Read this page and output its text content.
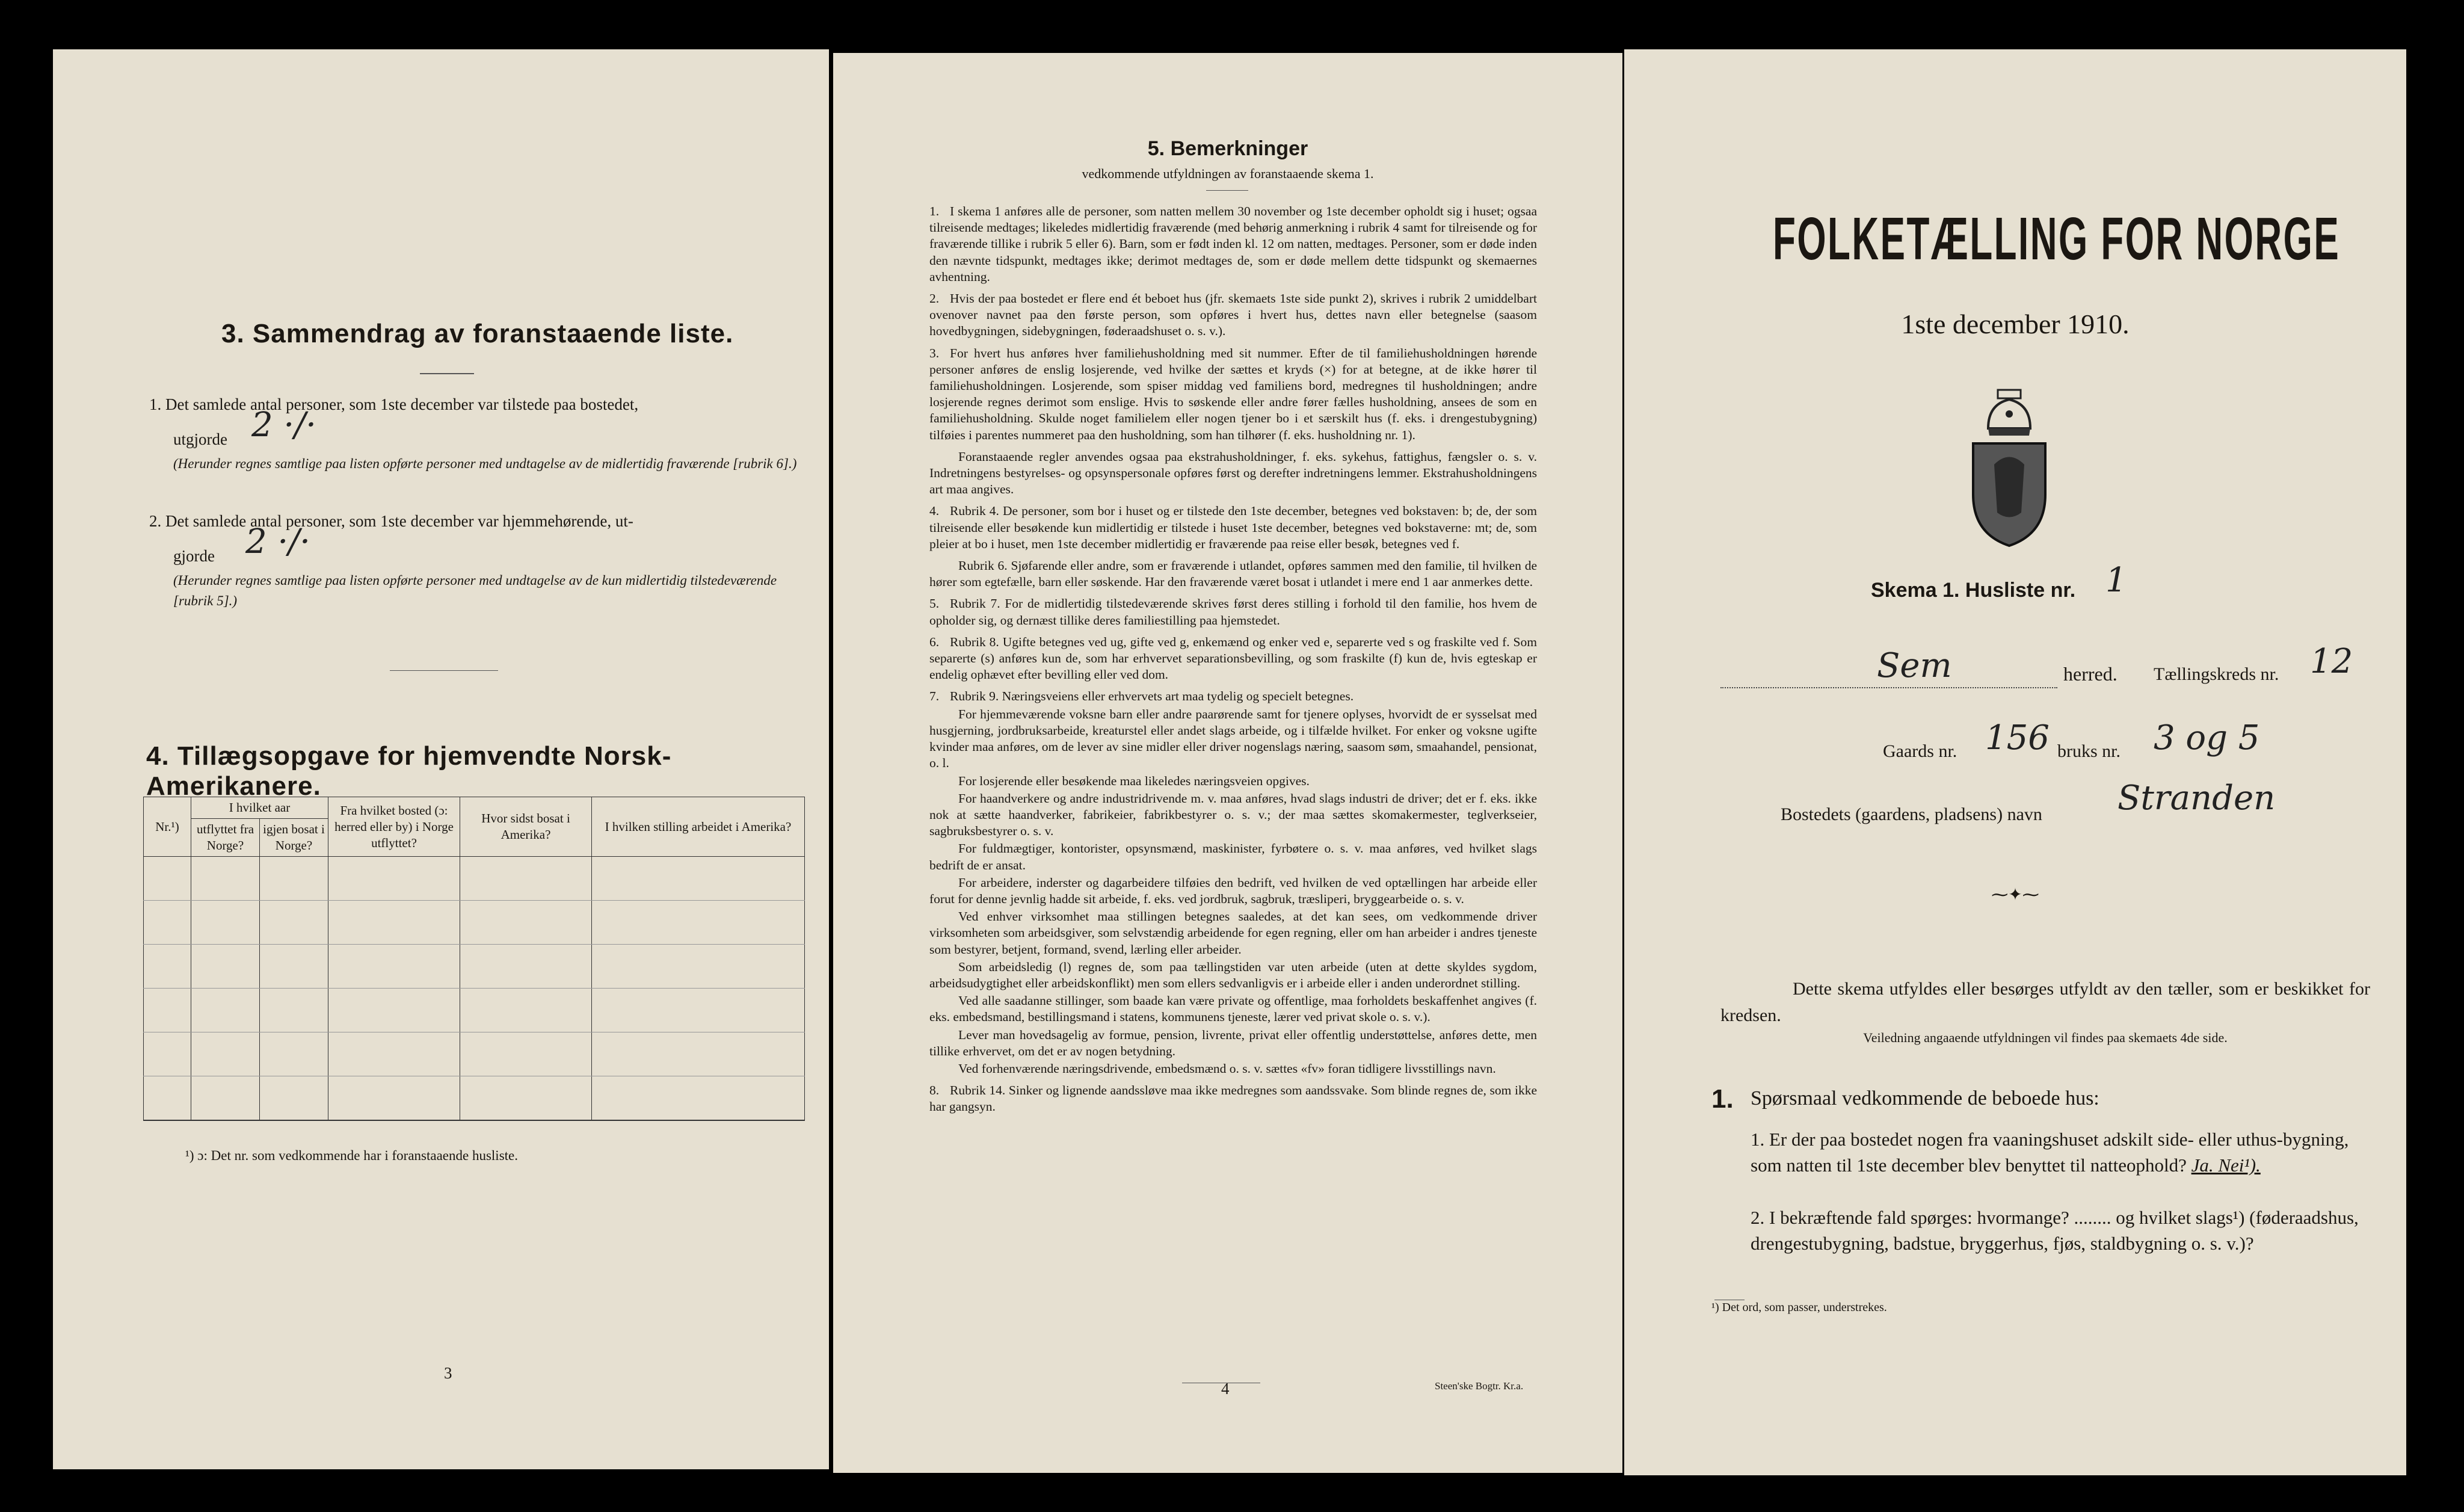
3. Sammendrag av foranstaaende liste.
1. Det samlede antal personer, som 1ste december var tilstede paa bostedet,
utgjorde 2 ·/·
(Herunder regnes samtlige paa listen opførte personer med undtagelse av de midlertidig fraværende [rubrik 6].)
2. Det samlede antal personer, som 1ste december var hjemmehørende, ut-
gjorde 2 ·/·
(Herunder regnes samtlige paa listen opførte personer med undtagelse av de kun midlertidig tilstedeværende [rubrik 5].)
4. Tillægsopgave for hjemvendte Norsk-Amerikanere.
Nr.¹)	I hvilket aar		Fra hvilket bosted (ɔ: herred eller by) i Norge utflyttet?	Hvor sidst bosat i Amerika?	I hvilken stilling arbeidet i Amerika?
	utflyttet fra Norge?	igjen bosat i Norge?			

¹) ɔ: Det nr. som vedkommende har i foranstaaende husliste.
3
5. Bemerkninger
vedkommende utfyldningen av foranstaaende skema 1.

1. I skema 1 anføres alle de personer, som natten mellem 30 november og 1ste december opholdt sig i huset; ogsaa tilreisende medtages; likeledes midlertidig fraværende (med behørig anmerkning i rubrik 4 samt for tilreisende og for fraværende tillike i rubrik 5 eller 6). Barn, som er født inden kl. 12 om natten, medtages. Personer, som er døde inden den nævnte tidspunkt, medtages ikke; derimot medtages de, som er døde mellem dette tidspunkt og skemaernes avhentning.

2. Hvis der paa bostedet er flere end ét beboet hus (jfr. skemaets 1ste side punkt 2), skrives i rubrik 2 umiddelbart ovenover navnet paa den første person, som opføres i hvert hus, dettes navn eller betegnelse (saasom hovedbygningen, sidebygningen, føderaadshuset o. s. v.).

3. For hvert hus anføres hver familiehusholdning med sit nummer. Efter de til familiehusholdningen hørende personer anføres de enslig losjerende, ved hvilke der sættes et kryds (×) for at betegne, at de ikke hører til familiehusholdningen. Losjerende, som spiser middag ved familiens bord, medregnes til husholdningen; andre losjerende regnes derimot som enslige. Hvis to søskende eller andre fører fælles husholdning, ansees de som en familiehusholdning. Skulde noget familielem eller nogen tjener bo i et særskilt hus (f. eks. i drengestubygning) tilføies i parentes nummeret paa den husholdning, som han tilhører (f. eks. husholdning nr. 1).

Foranstaaende regler anvendes ogsaa paa ekstrahusholdninger, f. eks. sykehus, fattighus, fængsler o. s. v. Indretningens bestyrelses- og opsynspersonale opføres først og derefter indretningens lemmer. Ekstrahusholdningens art maa angives.

4. Rubrik 4. De personer, som bor i huset og er tilstede den 1ste december, betegnes ved bokstaven: b; de, der som tilreisende eller besøkende kun midlertidig er tilstede i huset 1ste december, betegnes ved bokstaverne: mt; de, som pleier at bo i huset, men 1ste december midlertidig er fraværende paa reise eller besøk, betegnes ved f.

Rubrik 6. Sjøfarende eller andre, som er fraværende i utlandet, opføres sammen med den familie, til hvilken de hører som egtefælle, barn eller søskende. Har den fraværende været bosat i utlandet i mere end 1 aar anmerkes dette.

5. Rubrik 7. For de midlertidig tilstedeværende skrives først deres stilling i forhold til den familie, hos hvem de opholder sig, og dernæst tillike deres familiestilling paa hjemstedet.

6. Rubrik 8. Ugifte betegnes ved ug, gifte ved g, enkemænd og enker ved e, separerte ved s og fraskilte ved f. Som separerte (s) anføres kun de, som har erhvervet separationsbevilling, og som fraskilte (f) kun de, hvis egteskap er endelig ophævet efter bevilling eller ved dom.

7. Rubrik 9. Næringsveiens eller erhvervets art maa tydelig og specielt betegnes.

For hjemmeværende voksne barn eller andre paarørende samt for tjenere oplyses, hvorvidt de er sysselsat med husgjerning, jordbruksarbeide, kreaturstel eller andet slags arbeide, og i tilfælde hvilket. For enker og voksne ugifte kvinder maa anføres, om de lever av sine midler eller driver nogenslags næring, saasom søm, smaahandel, pensionat, o. l.

For losjerende eller besøkende maa likeledes næringsveien opgives.

For haandverkere og andre industridrivende m. v. maa anføres, hvad slags industri de driver; det er f. eks. ikke nok at sætte haandverker, fabrikeier, fabrikbestyrer o. s. v.; der maa sættes skomakermester, teglverkseier, sagbruksbestyrer o. s. v.

For fuldmægtiger, kontorister, opsynsmænd, maskinister, fyrbøtere o. s. v. maa anføres, ved hvilket slags bedrift de er ansat.

For arbeidere, inderster og dagarbeidere tilføies den bedrift, ved hvilken de ved optællingen har arbeide eller forut for denne jevnlig hadde sit arbeide, f. eks. ved jordbruk, sagbruk, træsliperi, bryggearbeide o. s. v.

Ved enhver virksomhet maa stillingen betegnes saaledes, at det kan sees, om vedkommende driver virksomheten som arbeidsgiver, som selvstændig arbeidende for egen regning, eller om han arbeider i andres tjeneste som bestyrer, betjent, formand, svend, lærling eller arbeider.

Som arbeidsledig (l) regnes de, som paa tællingstiden var uten arbeide (uten at dette skyldes sygdom, arbeidsudygtighet eller arbeidskonflikt) men som ellers sedvanligvis er i arbeide eller i anden underordnet stilling.

Ved alle saadanne stillinger, som baade kan være private og offentlige, maa forholdets beskaffenhet angives (f. eks. embedsmand, bestillingsmand i statens, kommunens tjeneste, lærer ved privat skole o. s. v.).

Lever man hovedsagelig av formue, pension, livrente, privat eller offentlig understøttelse, anføres dette, men tillike erhvervet, om det er av nogen betydning.

Ved forhenværende næringsdrivende, embedsmænd o. s. v. sættes «fv» foran tidligere livsstillings navn.

8. Rubrik 14. Sinker og lignende aandssløve maa ikke medregnes som aandssvake. Som blinde regnes de, som ikke har gangsyn.

4	Steen'ske Bogtr. Kr.a.
FOLKETÆLLING FOR NORGE
1ste december 1910.
Skema 1. Husliste nr. 1
Sem	herred. Tællingskreds nr. 12
Gaards nr. 156 bruks nr. 3 og 5
Bostedets (gaardens, pladsens) navn Stranden
⁓✦⁓
Dette skema utfyldes eller besørges utfyldt av den tæller, som er beskikket for kredsen.
Veiledning angaaende utfyldningen vil findes paa skemaets 4de side.
1. Spørsmaal vedkommende de beboede hus:
1. Er der paa bostedet nogen fra vaaningshuset adskilt side- eller uthus-bygning, som natten til 1ste december blev benyttet til natteophold? Ja. Nei¹).
2. I bekræftende fald spørges: hvormange? ........ og hvilket slags¹) (føderaadshus, drengestubygning, badstue, bryggerhus, fjøs, staldbygning o. s. v.)?
¹) Det ord, som passer, understrekes.
